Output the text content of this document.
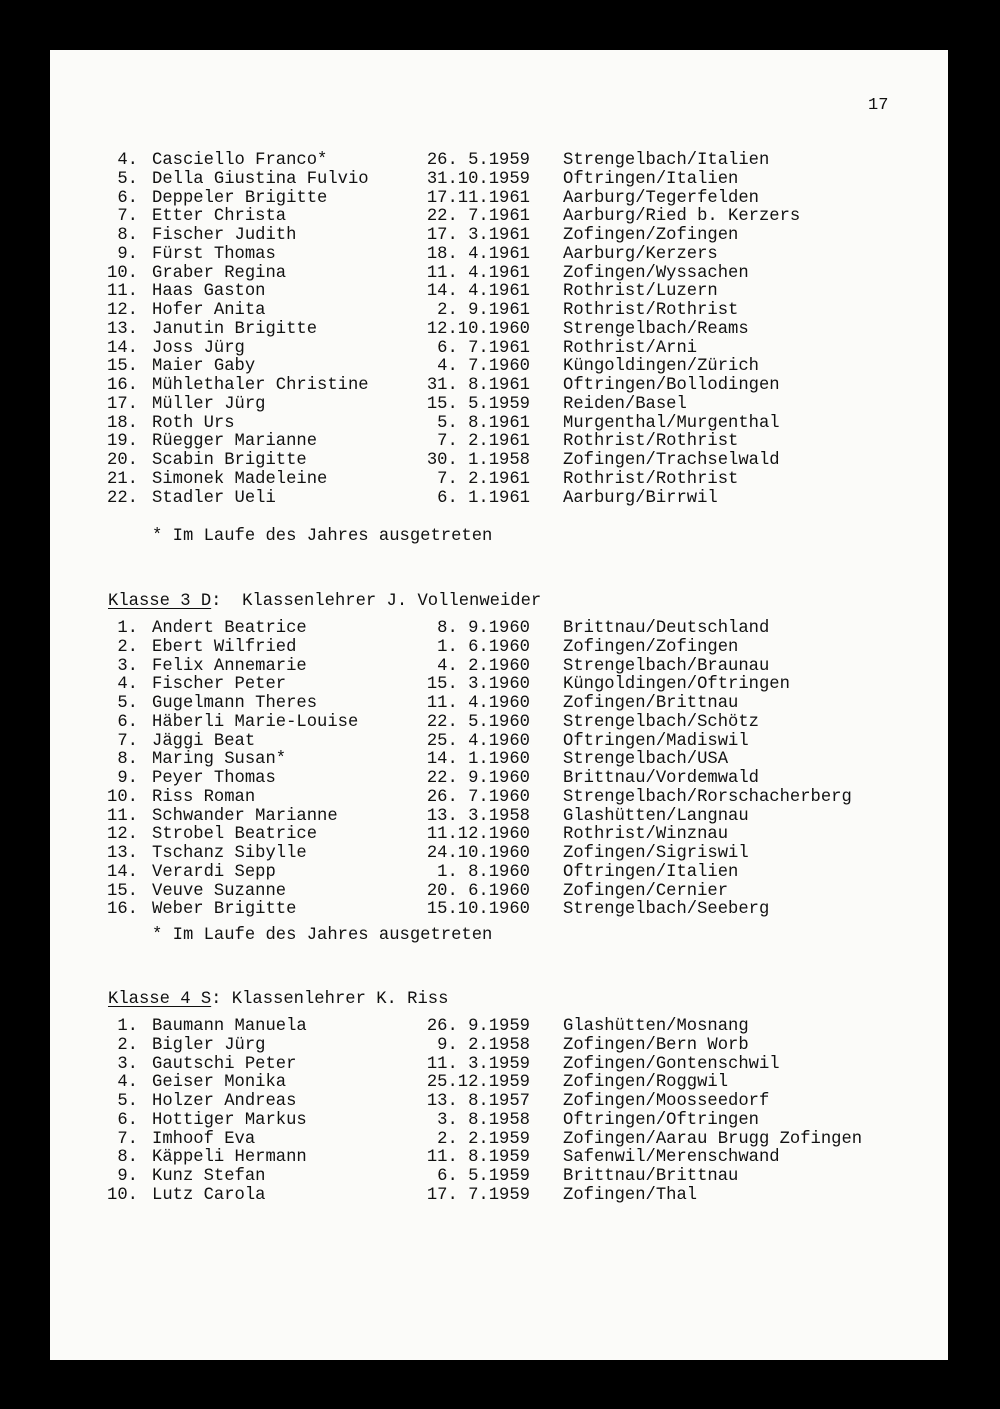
17
4. Casciello Franco*	26. 5.1959 Strengelbach/Italien
5. Della Giustina Fulvio	31.10.1959 Oftringen/Italien
6. Deppeler Brigitte	17.11.1961 Aarburg/Tegerfelden
7. Etter Christa	22. 7.1961 Aarburg/Ried b. Kerzers
8. Fischer Judith	17. 3.1961 Zofingen/Zofingen
9. Fürst Thomas	18. 4.1961 Aarburg/Kerzers
10. Graber Regina	11. 4.1961 Zofingen/Wyssachen
11. Haas Gaston	14. 4.1961 Rothrist/Luzern
12. Hofer Anita	2. 9.1961 Rothrist/Rothrist
13. Janutin Brigitte	12.10.1960 Strengelbach/Reams
14. Joss Jürg	6. 7.1961 Rothrist/Arni
15. Maier Gaby	4. 7.1960 Küngoldingen/Zürich
16. Mühlethaler Christine	31. 8.1961 Oftringen/Bollodingen
17. Müller Jürg	15. 5.1959 Reiden/Basel
18. Roth Urs	5. 8.1961 Murgenthal/Murgenthal
19. Rüegger Marianne	7. 2.1961 Rothrist/Rothrist
20. Scabin Brigitte	30. 1.1958 Zofingen/Trachselwald
21. Simonek Madeleine	7. 2.1961 Rothrist/Rothrist
22. Stadler Ueli	6. 1.1961 Aarburg/Birrwil
* Im Laufe des Jahres ausgetreten
Klasse 3 D:  Klassenlehrer J. Vollenweider
1. Andert Beatrice	8. 9.1960 Brittnau/Deutschland
2. Ebert Wilfried	1. 6.1960 Zofingen/Zofingen
3. Felix Annemarie	4. 2.1960 Strengelbach/Braunau
4. Fischer Peter	15. 3.1960 Küngoldingen/Oftringen
5. Gugelmann Theres	11. 4.1960 Zofingen/Brittnau
6. Häberli Marie-Louise	22. 5.1960 Strengelbach/Schötz
7. Jäggi Beat	25. 4.1960 Oftringen/Madiswil
8. Maring Susan*	14. 1.1960 Strengelbach/USA
9. Peyer Thomas	22. 9.1960 Brittnau/Vordemwald
10. Riss Roman	26. 7.1960 Strengelbach/Rorschacherberg
11. Schwander Marianne	13. 3.1958 Glashütten/Langnau
12. Strobel Beatrice	11.12.1960 Rothrist/Winznau
13. Tschanz Sibylle	24.10.1960 Zofingen/Sigriswil
14. Verardi Sepp	1. 8.1960 Oftringen/Italien
15. Veuve Suzanne	20. 6.1960 Zofingen/Cernier
16. Weber Brigitte	15.10.1960 Strengelbach/Seeberg
* Im Laufe des Jahres ausgetreten
Klasse 4 S: Klassenlehrer K. Riss
1. Baumann Manuela	26. 9.1959 Glashütten/Mosnang
2. Bigler Jürg	9. 2.1958 Zofingen/Bern Worb
3. Gautschi Peter	11. 3.1959 Zofingen/Gontenschwil
4. Geiser Monika	25.12.1959 Zofingen/Roggwil
5. Holzer Andreas	13. 8.1957 Zofingen/Moosseedorf
6. Hottiger Markus	3. 8.1958 Oftringen/Oftringen
7. Imhoof Eva	2. 2.1959 Zofingen/Aarau Brugg Zofingen
8. Käppeli Hermann	11. 8.1959 Safenwil/Merenschwand
9. Kunz Stefan	6. 5.1959 Brittnau/Brittnau
10. Lutz Carola	17. 7.1959 Zofingen/Thal
